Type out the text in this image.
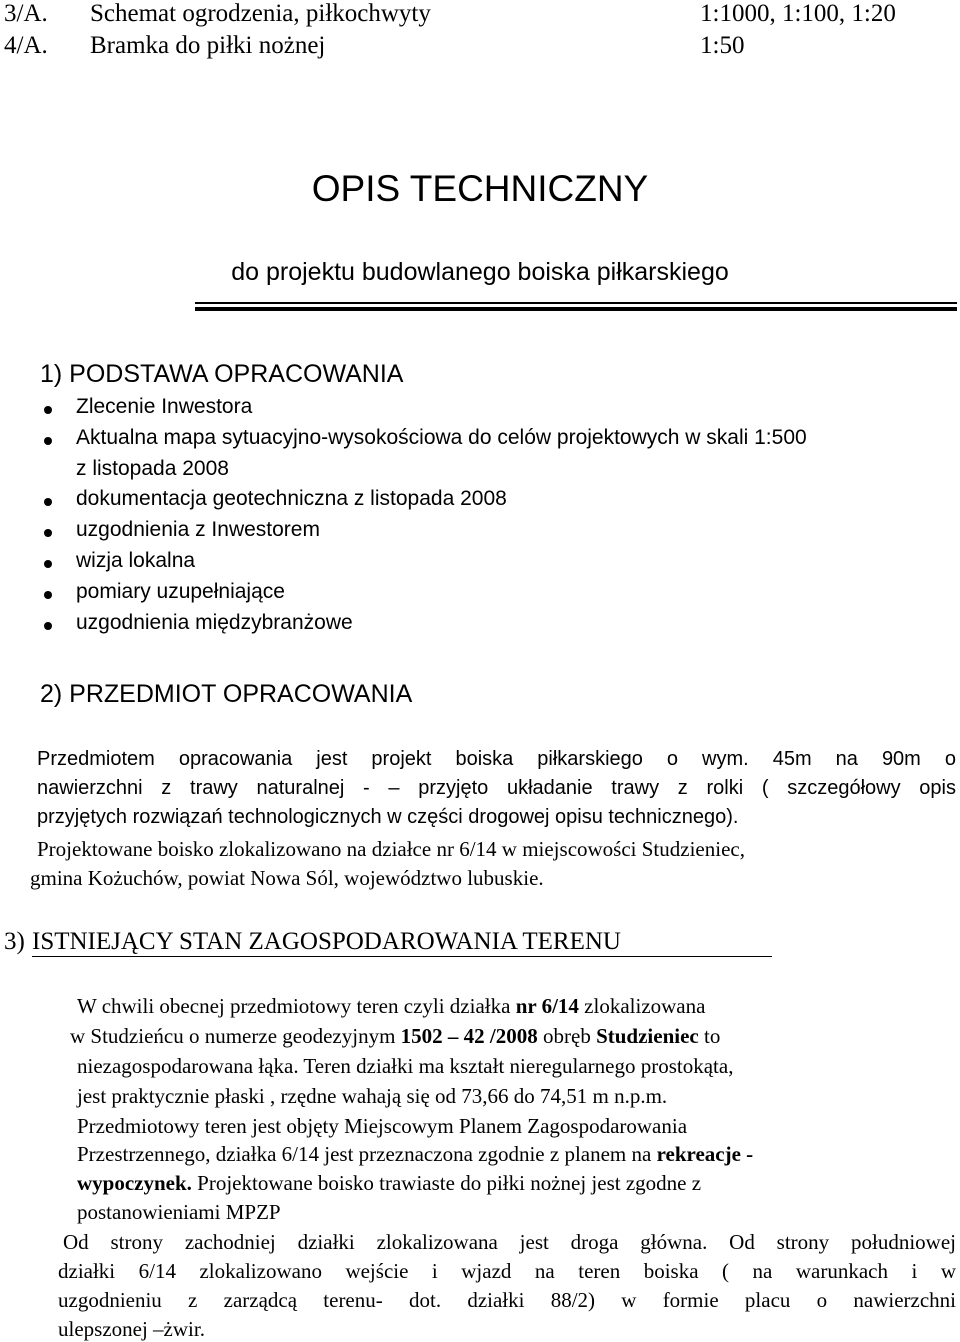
3/A. Schemat ogrodzenia, piłkochwyty	1:1000, 1:100, 1:20
4/A. Bramka do piłki nożnej	1:50
OPIS TECHNICZNY
do projektu budowlanego boiska piłkarskiego
1) PODSTAWA OPRACOWANIA
Zlecenie Inwestora
Aktualna mapa sytuacyjno-wysokościowa do celów projektowych w skali 1:500
z listopada 2008
dokumentacja geotechniczna z listopada 2008
uzgodnienia z Inwestorem
wizja lokalna
pomiary uzupełniające
uzgodnienia międzybranżowe
2) PRZEDMIOT OPRACOWANIA
Przedmiotem opracowania jest projekt boiska piłkarskiego o wym. 45m na 90m o
nawierzchni z trawy naturalnej - – przyjęto układanie trawy z rolki ( szczegółowy opis
przyjętych rozwiązań technologicznych w części drogowej opisu technicznego).
Projektowane boisko zlokalizowano na działce nr 6/14 w miejscowości Studzieniec,
gmina Kożuchów, powiat Nowa Sól, województwo lubuskie.
3) ISTNIEJĄCY STAN ZAGOSPODAROWANIA TERENU
W chwili obecnej przedmiotowy teren czyli działka nr 6/14 zlokalizowana
w Studzieńcu o numerze geodezyjnym 1502 – 42 /2008 obręb Studzieniec to
niezagospodarowana łąka. Teren działki ma kształt nieregularnego prostokąta,
jest praktycznie płaski , rzędne wahają się od 73,66 do 74,51 m n.p.m.
Przedmiotowy teren jest objęty Miejscowym Planem Zagospodarowania
Przestrzennego, działka 6/14 jest przeznaczona zgodnie z planem na rekreacje -
wypoczynek. Projektowane boisko trawiaste do piłki nożnej jest zgodne z
postanowieniami MPZP
Od strony zachodniej działki zlokalizowana jest droga główna. Od strony południowej
działki 6/14 zlokalizowano wejście i wjazd na teren boiska ( na warunkach i w
uzgodnieniu z zarządcą terenu- dot. działki 88/2) w formie placu o nawierzchni
ulepszonej –żwir.
